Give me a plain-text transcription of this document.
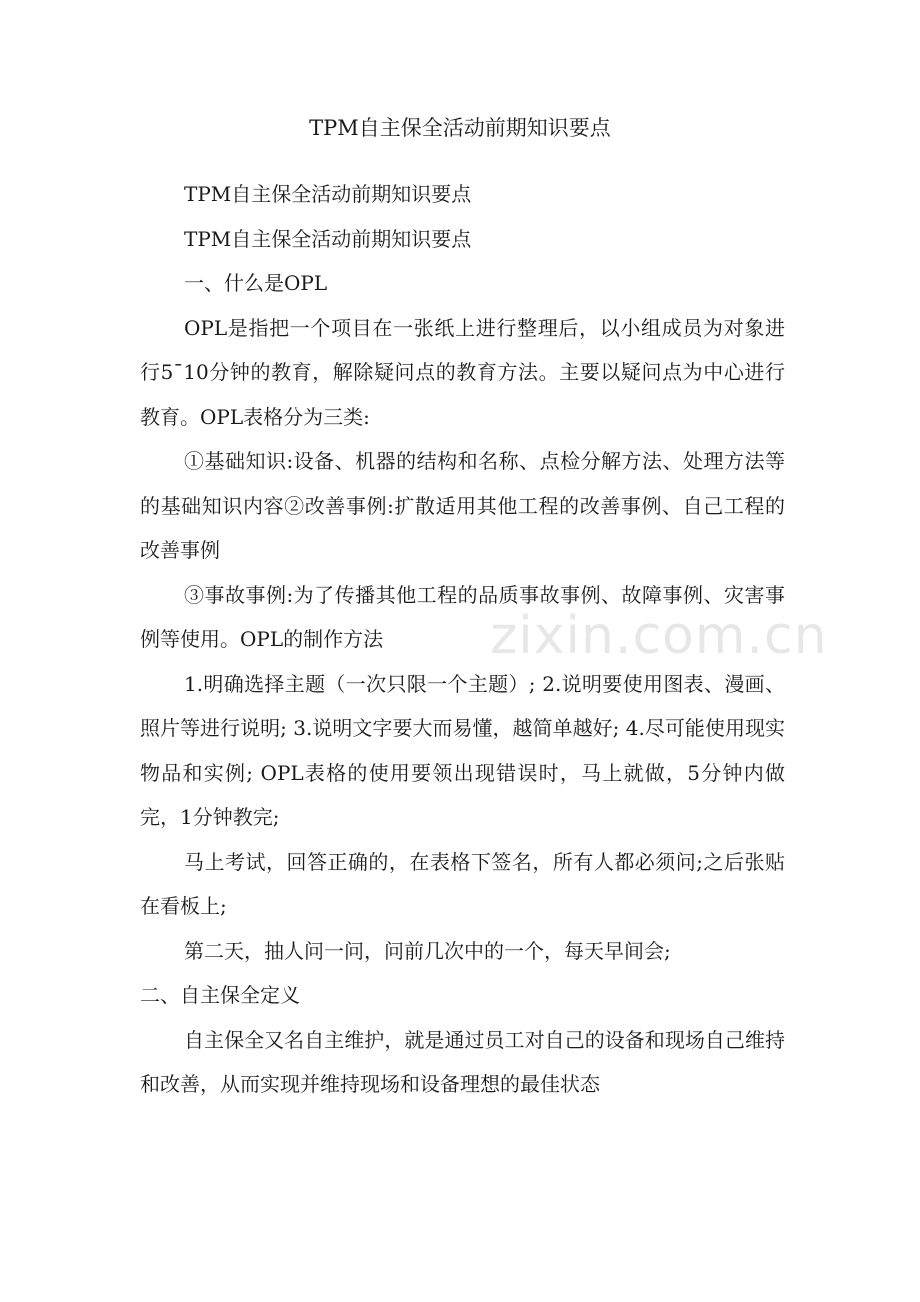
TPM自主保全活动前期知识要点

TPM自主保全活动前期知识要点

TPM自主保全活动前期知识要点

一、什么是OPL

OPL是指把一个项目在一张纸上进行整理后，以小组成员为对象进行5¯10分钟的教育，解除疑问点的教育方法。主要以疑问点为中心进行教育。OPL表格分为三类:

①基础知识:设备、机器的结构和名称、点检分解方法、处理方法等的基础知识内容②改善事例:扩散适用其他工程的改善事例、自己工程的改善事例

③事故事例:为了传播其他工程的品质事故事例、故障事例、灾害事例等使用。OPL的制作方法

1.明确选择主题（一次只限一个主题）; 2.说明要使用图表、漫画、照片等进行说明; 3.说明文字要大而易懂，越简单越好; 4.尽可能使用现实物品和实例; OPL表格的使用要领出现错误时，马上就做，5分钟内做完，1分钟教完;

马上考试，回答正确的，在表格下签名，所有人都必须问;之后张贴在看板上;

第二天，抽人问一问，问前几次中的一个，每天早间会;

二、自主保全定义

自主保全又名自主维护，就是通过员工对自己的设备和现场自己维持和改善，从而实现并维持现场和设备理想的最佳状态

zixin.com.cn
